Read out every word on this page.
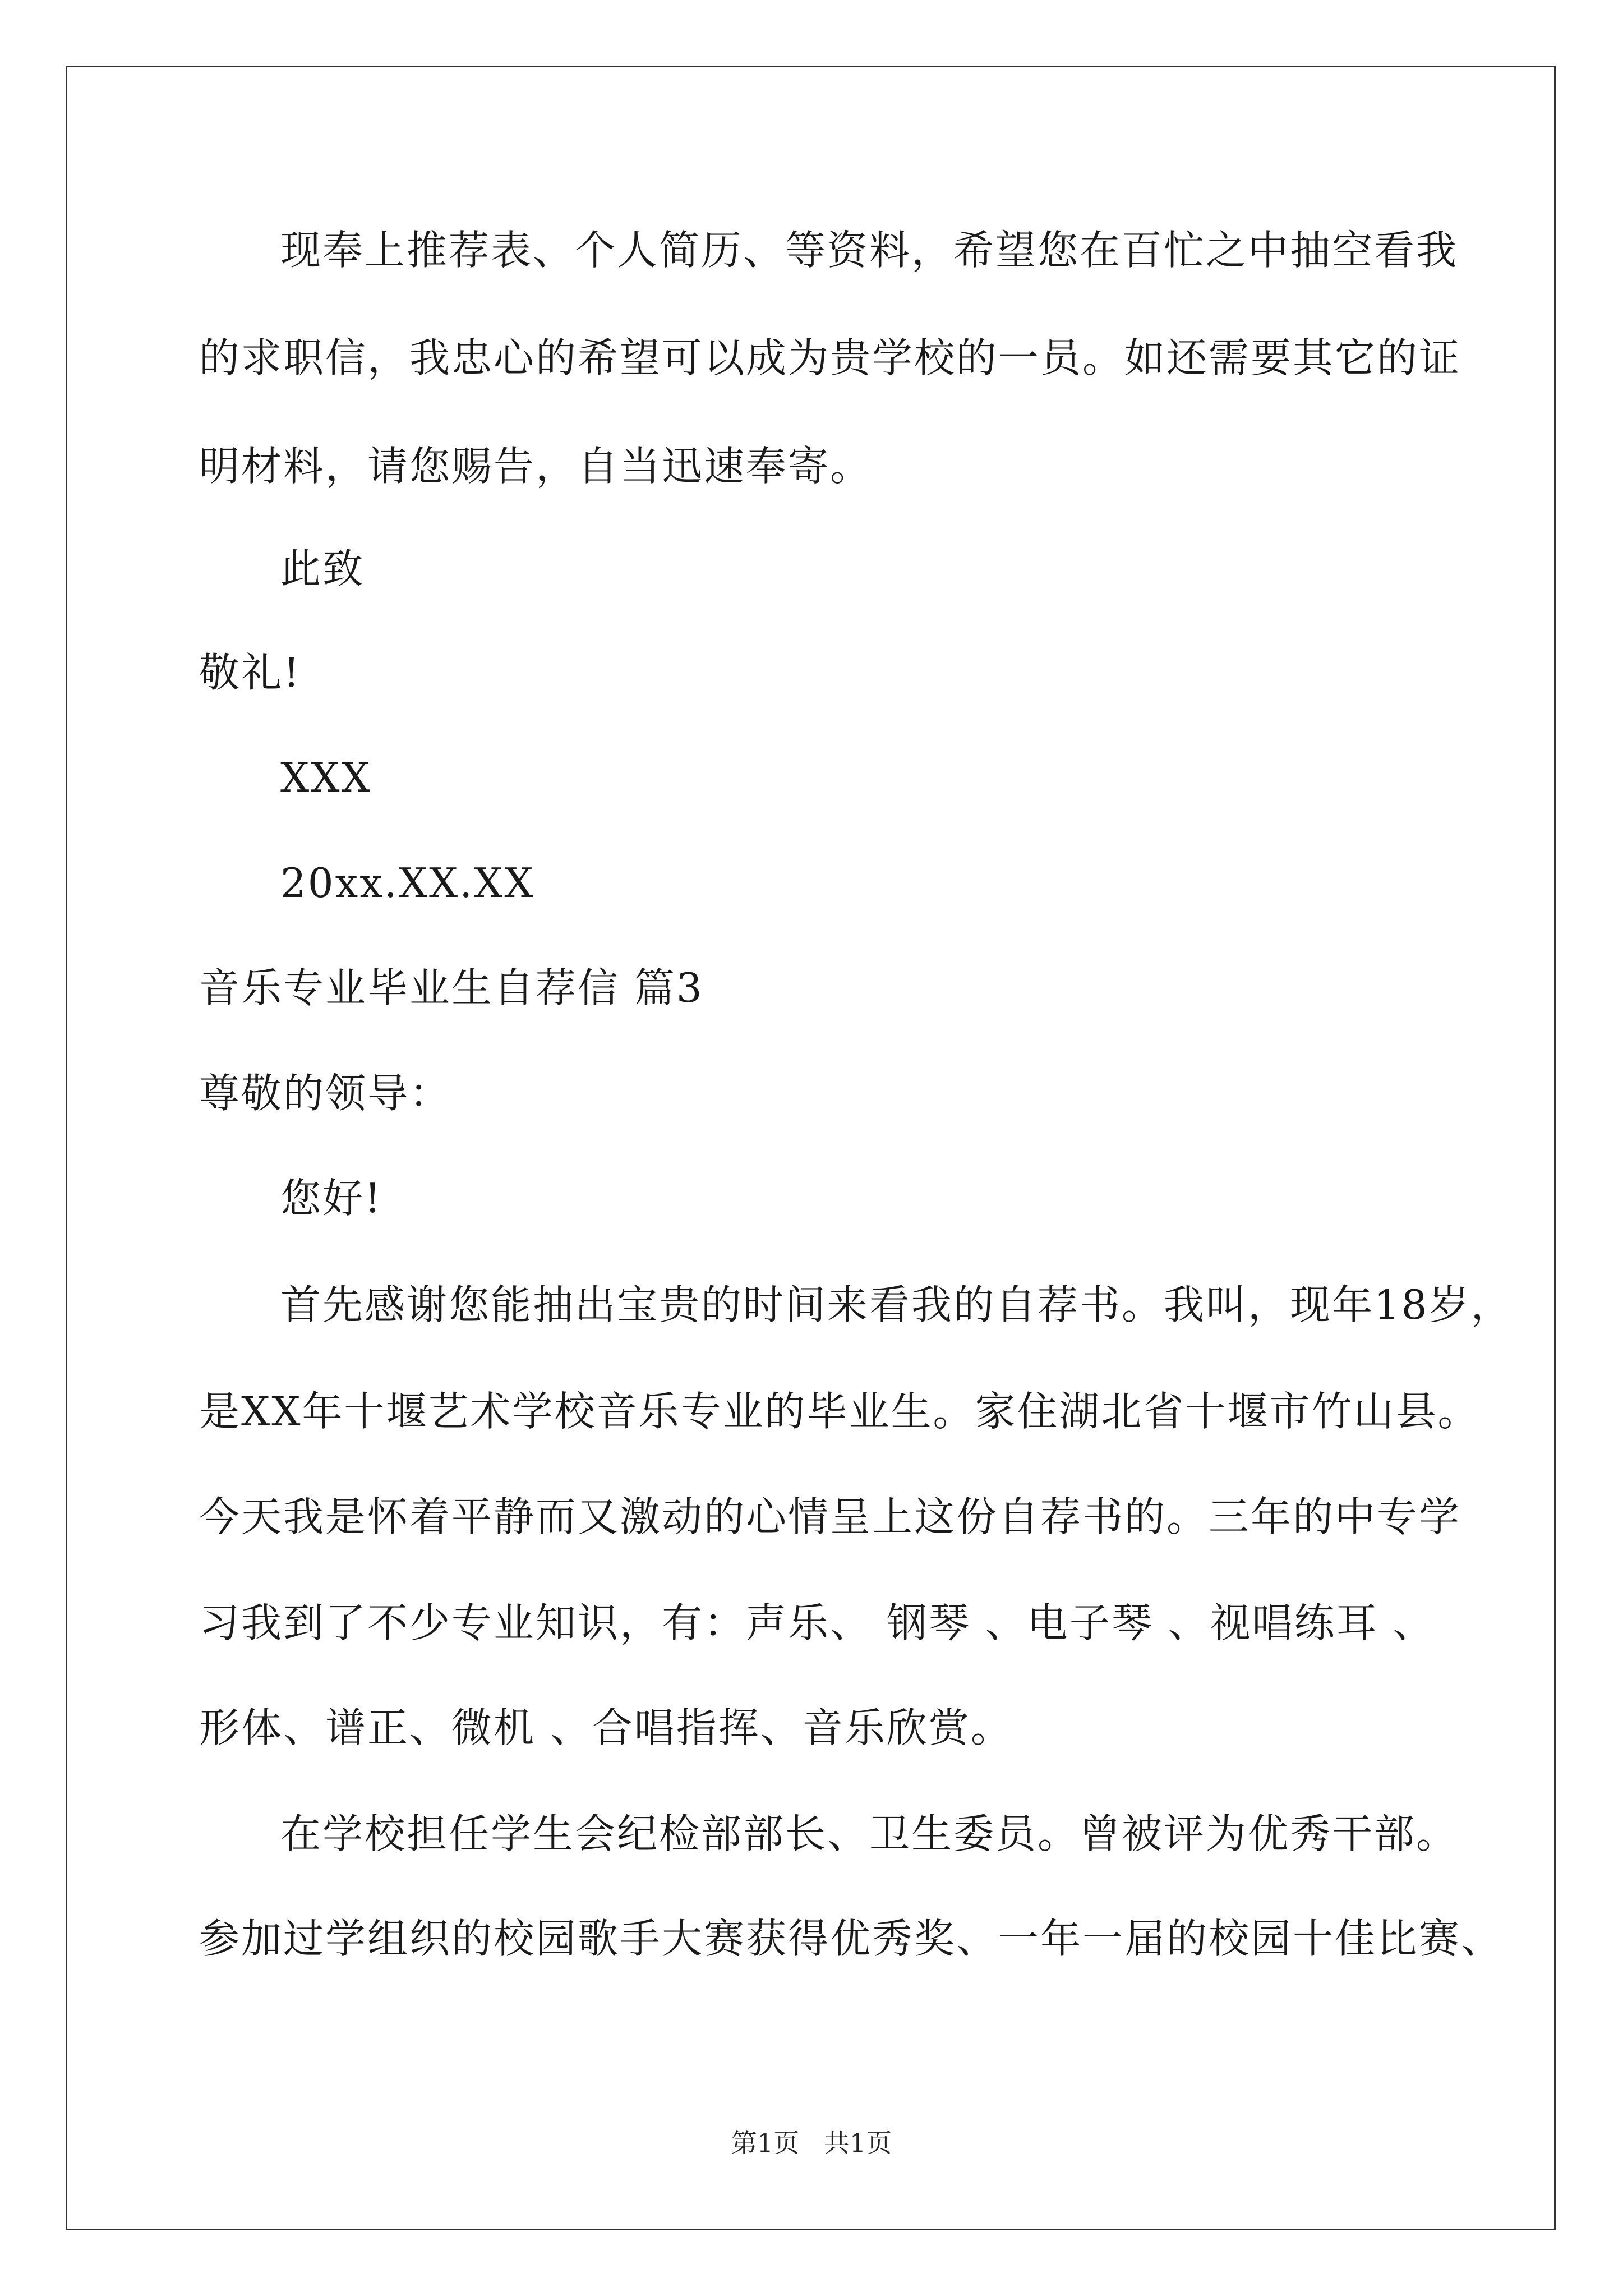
现奉上推荐表、个人简历、等资料，希望您在百忙之中抽空看我
的求职信，我忠心的希望可以成为贵学校的一员。如还需要其它的证
明材料，请您赐告，自当迅速奉寄。
此致
敬礼!
XXX
20xx.XX.XX
音乐专业毕业生自荐信 篇3
尊敬的领导：
您好!
首先感谢您能抽出宝贵的时间来看我的自荐书。我叫，现年18岁，
是XX年十堰艺术学校音乐专业的毕业生。家住湖北省十堰市竹山县。
今天我是怀着平静而又激动的心情呈上这份自荐书的。三年的中专学
习我到了不少专业知识，有：声乐、 钢琴 、电子琴 、视唱练耳 、
形体、谱正、微机 、合唱指挥、音乐欣赏。
在学校担任学生会纪检部部长、卫生委员。曾被评为优秀干部。
参加过学组织的校园歌手大赛获得优秀奖、一年一届的校园十佳比赛、
第1页   共1页
